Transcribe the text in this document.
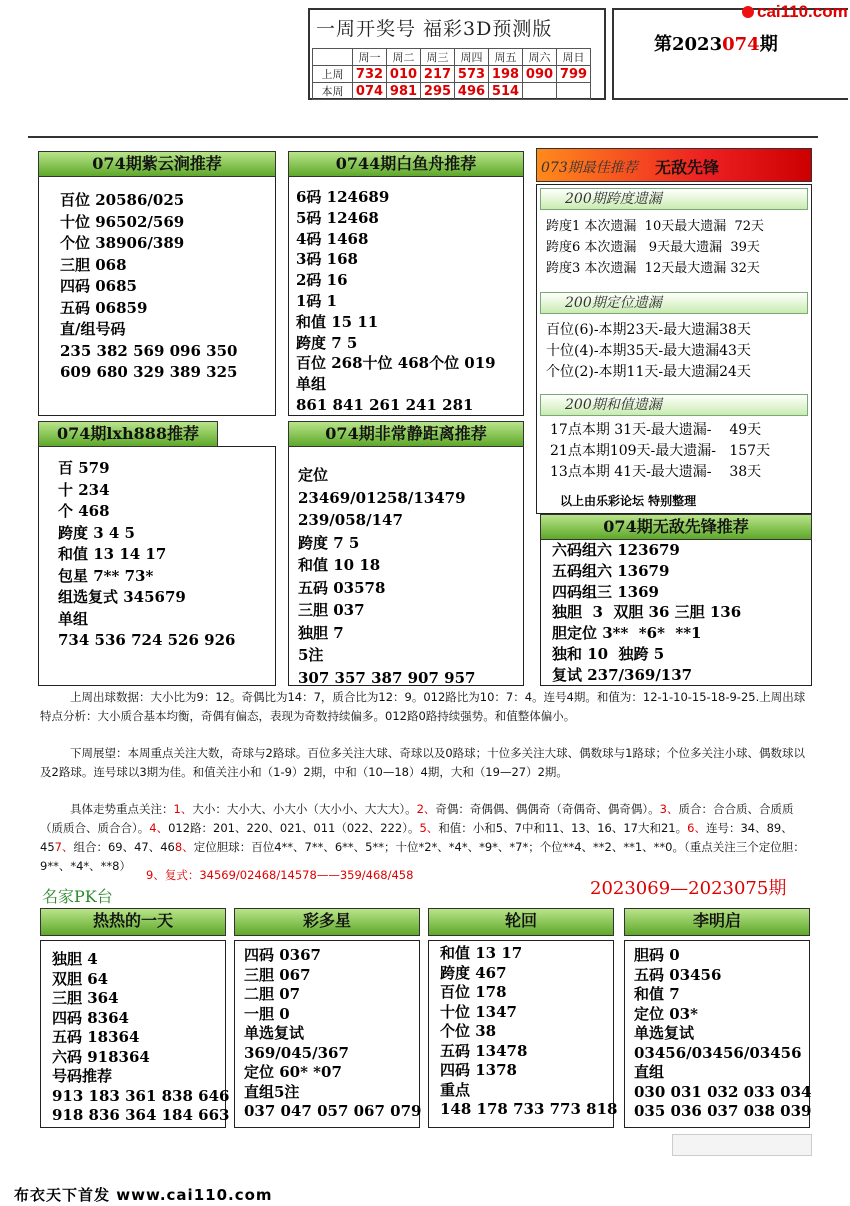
一周开奖号 福彩3D预测版
	周一	周二	周三	周四	周五	周六	周日
上周	732	010	217	573	198	090	799
本周	074	981	295	496	514		
第2023074期
cai110.com
074期紫云涧推荐
百位 20586/025
十位 96502/569
个位 38906/389
三胆 068
四码 0685
五码 06859
直/组号码
235 382 569 096 350
609 680 329 389 325
0744期白鱼舟推荐
6码 124689
5码 12468
4码 1468
3码 168
2码 16
1码 1
和值 15 11
跨度 7 5
百位 268十位 468个位 019
单组
861 841 261 241 281
074期lxh888推荐
百 579
十 234
个 468
跨度 3 4 5
和值 13 14 17
包星 7** 73*
组选复式 345679
单组
734 536 724 526 926
074期非常静距离推荐
定位
23469/01258/13479
239/058/147
跨度 7 5
和值 10 18
五码 03578
三胆 037
独胆 7
5注
307 357 387 907 957
073期最佳推荐 无敌先锋
200期跨度遗漏
跨度1 本次遗漏  10天最大遗漏  72天
跨度6 本次遗漏   9天最大遗漏  39天
跨度3 本次遗漏  12天最大遗漏 32天
200期定位遗漏
百位(6)-本期23天-最大遗漏38天
十位(4)-本期35天-最大遗漏43天
个位(2)-本期11天-最大遗漏24天
200期和值遗漏
17点本期 31天-最大遗漏-    49天
21点本期109天-最大遗漏-   157天
13点本期 41天-最大遗漏-    38天
以上由乐彩论坛 特别整理
074期无敌先锋推荐
六码组六 123679
五码组六 13679
四码组三 1369
独胆  3  双胆 36 三胆 136
胆定位 3**  *6*  **1
独和 10  独跨 5
复试 237/369/137
上周出球数据：大小比为9：12。奇偶比为14：7，质合比为12：9。012路比为10：7：4。连号4期。和值为：12-1-10-15-18-9-25.上周出球特点分析：大小质合基本均衡，奇偶有偏态，表现为奇数持续偏多。012路0路持续强势。和值整体偏小。
下周展望：本周重点关注大数，奇球与2路球。百位多关注大球、奇球以及0路球；十位多关注大球、偶数球与1路球；个位多关注小球、偶数球以及2路球。连号球以3期为佳。和值关注小和（1-9）2期，中和（10—18）4期，大和（19—27）2期。
具体走势重点关注：1、大小：大小大、小大小（大小小、大大大）。2、奇偶：奇偶偶、偶偶奇（奇偶奇、偶奇偶）。3、质合：合合质、合质质（质质合、质合合）。4、012路：201、220、021、011（022、222）。5、和值：小和5、7中和11、13、16、17大和21。6、连号：34、89、457、组合：69、47、468、定位胆球：百位4**、7**、6**、5**；十位*2*、*4*、*9*、*7*；个位**4、**2、**1、**0。（重点关注三个定位胆：9**、*4*、**8）
9、复式：34569/02468/14578——359/468/458
名家PK台	2023069—2023075期
热热的一天
独胆 4
双胆 64
三胆 364
四码 8364
五码 18364
六码 918364
号码推荐
913 183 361 838 646
918 836 364 184 663
彩多星
四码 0367
三胆 067
二胆 07
一胆 0
单选复试
369/045/367
定位 60* *07
直组5注
037 047 057 067 079
轮回
和值 13 17
跨度 467
百位 178
十位 1347
个位 38
五码 13478
四码 1378
重点
148 178 733 773 818
李明启
胆码 0
五码 03456
和值 7
定位 03*
单选复试
03456/03456/03456
直组
030 031 032 033 034
035 036 037 038 039
布衣天下首发 www.cai110.com
